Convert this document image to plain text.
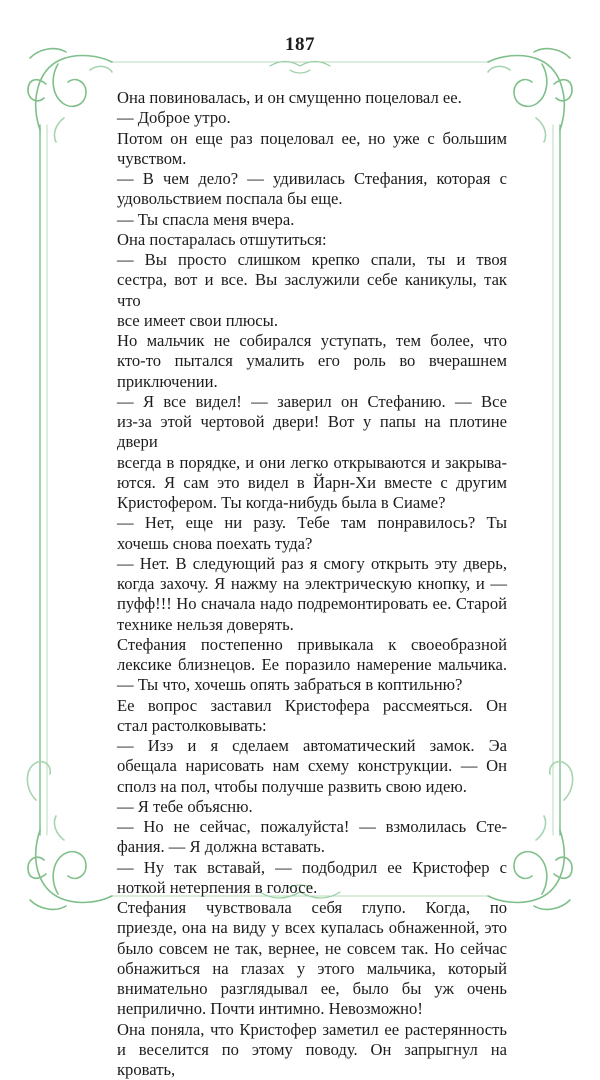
187
Она повиновалась, и он смущенно поцеловал ее.
— Доброе утро.
Потом он еще раз поцеловал ее, но уже с большим
чувством.
— В чем дело? — удивилась Стефания, которая с
удовольствием поспала бы еще.
— Ты спасла меня вчера.
Она постаралась отшутиться:
— Вы просто слишком крепко спали, ты и твоя
сестра, вот и все. Вы заслужили себе каникулы, так что
все имеет свои плюсы.
Но мальчик не собирался уступать, тем более, что
кто-то пытался умалить его роль во вчерашнем
приключении.
— Я все видел! — заверил он Стефанию. — Все
из-за этой чертовой двери! Вот у папы на плотине двери
всегда в порядке, и они легко открываются и закрыва-
ются. Я сам это видел в Йарн-Хи вместе с другим
Кристофером. Ты когда-нибудь была в Сиаме?
— Нет, еще ни разу. Тебе там понравилось? Ты
хочешь снова поехать туда?
— Нет. В следующий раз я смогу открыть эту дверь,
когда захочу. Я нажму на электрическую кнопку, и —
пуфф!!! Но сначала надо подремонтировать ее. Старой
технике нельзя доверять.
Стефания постепенно привыкала к своеобразной
лексике близнецов. Ее поразило намерение мальчика.
— Ты что, хочешь опять забраться в коптильню?
Ее вопрос заставил Кристофера рассмеяться. Он
стал растолковывать:
— Изэ и я сделаем автоматический замок. Эа
обещала нарисовать нам схему конструкции. — Он
сполз на пол, чтобы получше развить свою идею.
— Я тебе объясню.
— Но не сейчас, пожалуйста! — взмолилась Сте-
фания. — Я должна вставать.
— Ну так вставай, — подбодрил ее Кристофер с
ноткой нетерпения в голосе.
Стефания чувствовала себя глупо. Когда, по
приезде, она на виду у всех купалась обнаженной, это
было совсем не так, вернее, не совсем так. Но сейчас
обнажиться на глазах у этого мальчика, который
внимательно разглядывал ее, было бы уж очень
неприлично. Почти интимно. Невозможно!
Она поняла, что Кристофер заметил ее растерянность
и веселится по этому поводу. Он запрыгнул на кровать,
